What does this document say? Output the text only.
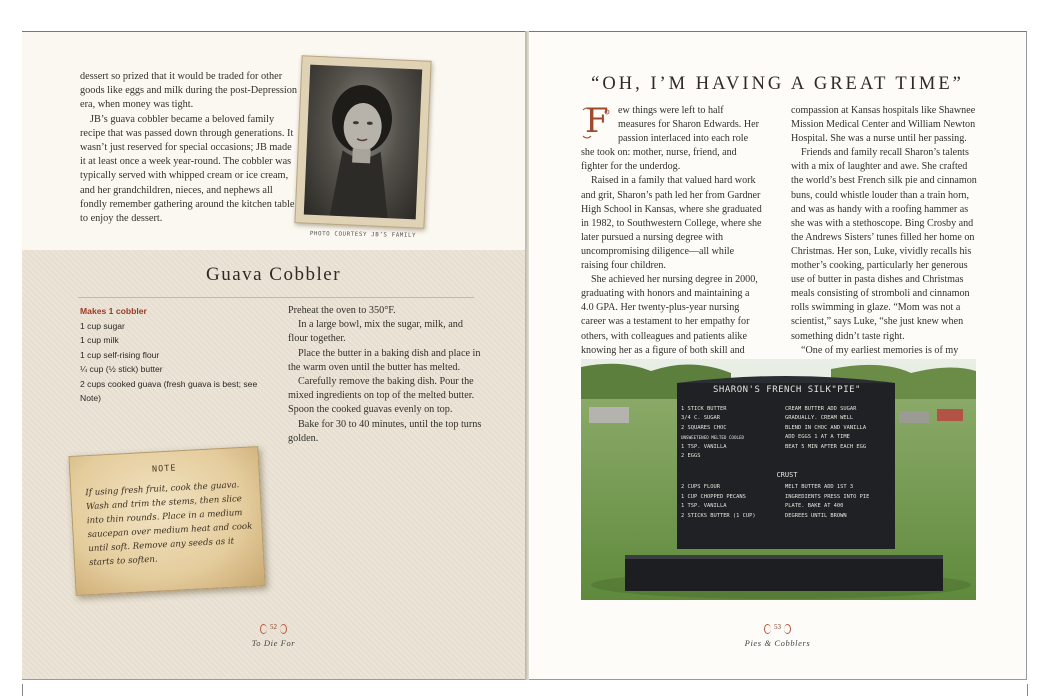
dessert so prized that it would be traded for other goods like eggs and milk during the post-Depression era, when money was tight.

JB’s guava cobbler became a beloved family recipe that was passed down through generations. It wasn’t just reserved for special occasions; JB made it at least once a week year-round. The cobbler was typically served with whipped cream or ice cream, and her grandchildren, nieces, and nephews all fondly remember gathering around the kitchen table to enjoy the dessert.

PHOTO COURTESY JB’S FAMILY
Guava Cobbler
Makes 1 cobbler
1 cup sugar
1 cup milk
1 cup self-rising flour
¼ cup (½ stick) butter
2 cups cooked guava (fresh guava is best; see Note)

Preheat the oven to 350°F.

In a large bowl, mix the sugar, milk, and flour together.

Place the butter in a baking dish and place in the warm oven until the butter has melted.

Carefully remove the baking dish. Pour the mixed ingredients on top of the melted butter. Spoon the cooked guavas evenly on top.

Bake for 30 to 40 minutes, until the top turns golden.

NOTE
If using fresh fruit, cook the guava. Wash and trim the stems, then slice into thin rounds. Place in a medium saucepan over medium heat and cook until soft. Remove any seeds as it starts to soften.
52
To Die For
“OH, I’M HAVING A GREAT TIME”
F ew things were left to half measures for Sharon Edwards. Her passion interlaced into each role she took on: mother, nurse, friend, and fighter for the underdog.

Raised in a family that valued hard work and grit, Sharon’s path led her from Gardner High School in Kansas, where she graduated in 1982, to Southwestern College, where she later pursued a nursing degree with uncompromising diligence—all while raising four children.

She achieved her nursing degree in 2000, graduating with honors and maintaining a 4.0 GPA. Her twenty-plus-year nursing career was a testament to her empathy for others, with colleagues and patients alike knowing her as a figure of both skill and

compassion at Kansas hospitals like Shawnee Mission Medical Center and William Newton Hospital. She was a nurse until her passing.

Friends and family recall Sharon’s talents with a mix of laughter and awe. She crafted the world’s best French silk pie and cinnamon buns, could whistle louder than a train horn, and was as handy with a roofing hammer as she was with a stethoscope. Bing Crosby and the Andrews Sisters’ tunes filled her home on Christmas. Her son, Luke, vividly recalls his mother’s cooking, particularly her generous use of butter in pasta dishes and Christmas meals consisting of stromboli and cinnamon rolls swimming in glaze. “Mom was not a scientist,” says Luke, “she just knew when something didn’t taste right.

“One of my earliest memories is of my

SHARON'S FRENCH SILK"PIE"
1 STICK BUTTER
3/4 C. SUGAR
2 SQUARES CHOC
UNSWEETENED MELTED COOLED
1 TSP. VANILLA
2 EGGS
CREAM BUTTER ADD SUGAR
GRADUALLY. CREAM WELL
BLEND IN CHOC AND VANILLA
ADD EGGS 1 AT A TIME
BEAT 5 MIN AFTER EACH EGG
CRUST
2 CUPS FLOUR
1 CUP CHOPPED PECANS
1 TSP. VANILLA
2 STICKS BUTTER (1 CUP)
MELT BUTTER ADD 1ST 3
INGREDIENTS PRESS INTO PIE
PLATE. BAKE AT 400
DEGREES UNTIL BROWN
53
Pies & Cobblers
